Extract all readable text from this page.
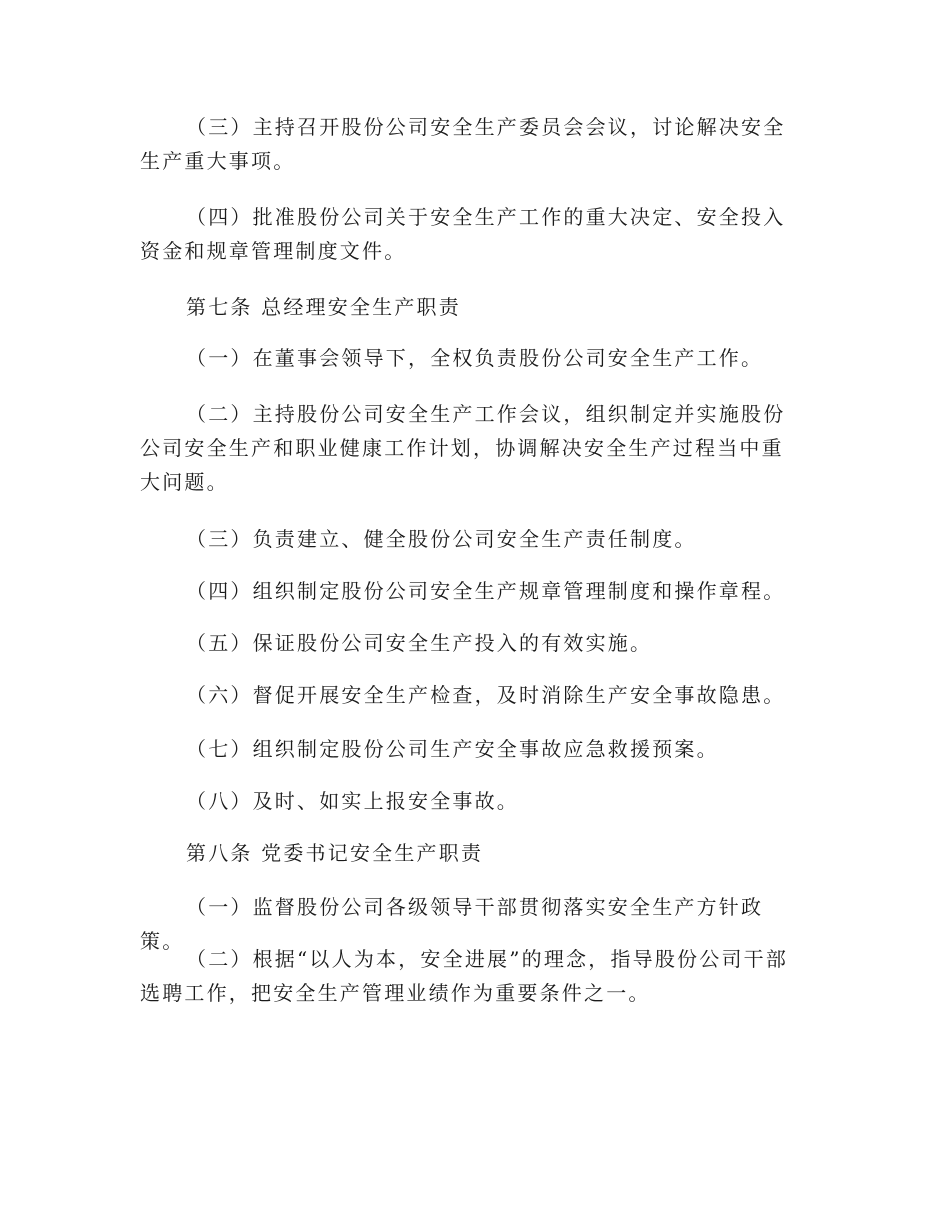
（三）主持召开股份公司安全生产委员会会议，讨论解决安全生产重大事项。

（四）批准股份公司关于安全生产工作的重大决定、安全投入资金和规章管理制度文件。

第七条 总经理安全生产职责

（一）在董事会领导下，全权负责股份公司安全生产工作。

（二）主持股份公司安全生产工作会议，组织制定并实施股份公司安全生产和职业健康工作计划，协调解决安全生产过程当中重大问题。

（三）负责建立、健全股份公司安全生产责任制度。

（四）组织制定股份公司安全生产规章管理制度和操作章程。

（五）保证股份公司安全生产投入的有效实施。

（六）督促开展安全生产检查，及时消除生产安全事故隐患。

（七）组织制定股份公司生产安全事故应急救援预案。

（八）及时、如实上报安全事故。

第八条 党委书记安全生产职责

（一）监督股份公司各级领导干部贯彻落实安全生产方针政策。

（二）根据“以人为本，安全进展”的理念，指导股份公司干部选聘工作，把安全生产管理业绩作为重要条件之一。
